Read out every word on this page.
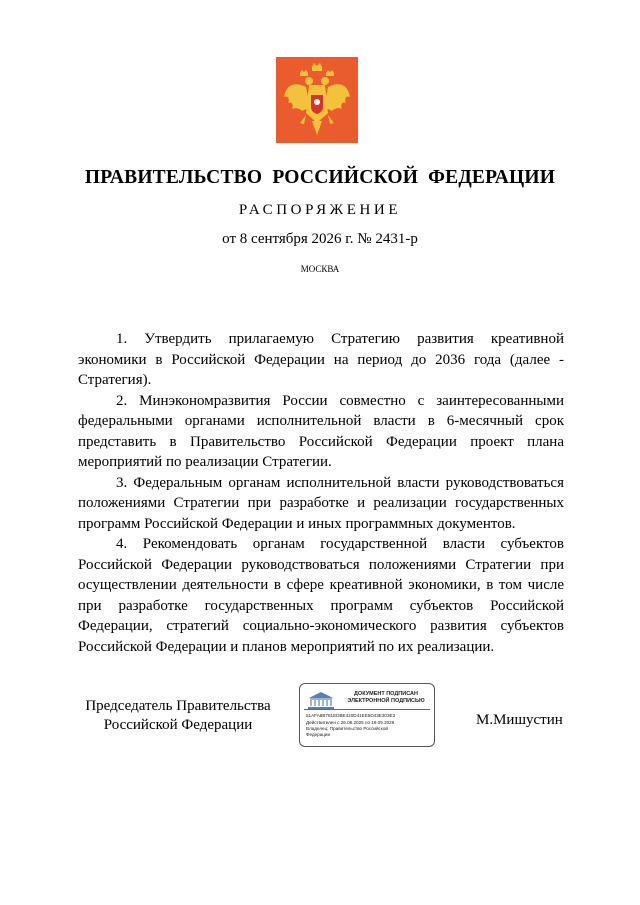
ПРАВИТЕЛЬСТВО РОССИЙСКОЙ ФЕДЕРАЦИИ
РАСПОРЯЖЕНИЕ
от 8 сентября 2026 г. № 2431-р
МОСКВА

1. Утвердить прилагаемую Стратегию развития креативной экономики в Российской Федерации на период до 2036 года (далее - Стратегия).

2. Минэкономразвития России совместно с заинтересованными федеральными органами исполнительной власти в 6-месячный срок представить в Правительство Российской Федерации проект плана мероприятий по реализации Стратегии.

3. Федеральным органам исполнительной власти руководствоваться положениями Стратегии при разработке и реализации государственных программ Российской Федерации и иных программных документов.

4. Рекомендовать органам государственной власти субъектов Российской Федерации руководствоваться положениями Стратегии при осуществлении деятельности в сфере креативной экономики, в том числе при разработке государственных программ субъектов Российской Федерации, стратегий социально-экономического развития субъектов Российской Федерации и планов мероприятий по их реализации.

Председатель Правительства
Российской Федерации
ДОКУМЕНТ ПОДПИСАН
ЭЛЕКТРОННОЙ ПОДПИСЬЮ
51AFA8B781EDBE420D41EE5D43E303E3
Действителен с 26.08.2025 по 19.09.2026
Владелец: Правительство Российской
Федерации
М.Мишустин
